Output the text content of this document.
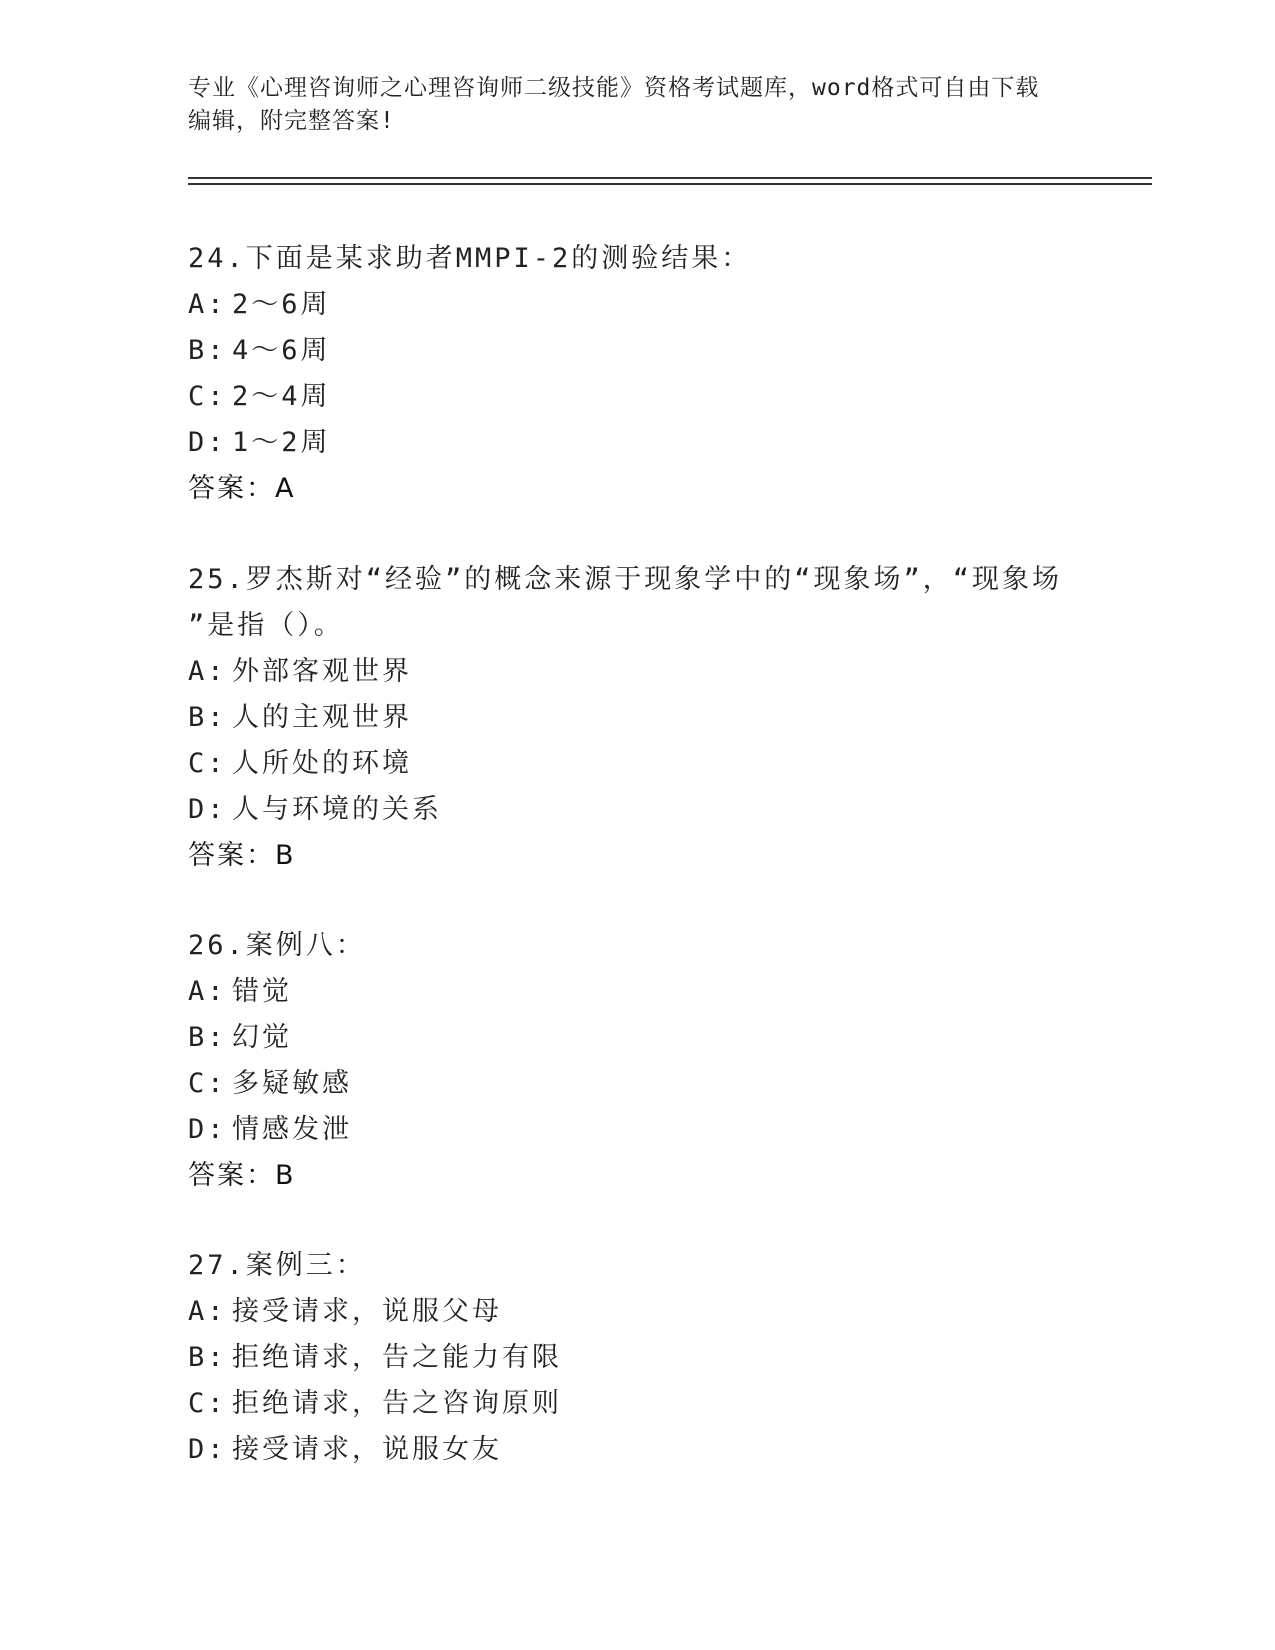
专业《心理咨询师之心理咨询师二级技能》资格考试题库，word格式可自由下载
编辑，附完整答案!
24.下面是某求助者MMPI-2的测验结果：
A: 2～6周
B: 4～6周
C: 2～4周
D: 1～2周
答案：A
25.罗杰斯对“经验”的概念来源于现象学中的“现象场”，“现象场
”是指（）。
A: 外部客观世界
B: 人的主观世界
C: 人所处的环境
D: 人与环境的关系
答案：B
26.案例八：
A: 错觉
B: 幻觉
C: 多疑敏感
D: 情感发泄
答案：B
27.案例三：
A: 接受请求，说服父母
B: 拒绝请求，告之能力有限
C: 拒绝请求，告之咨询原则
D: 接受请求，说服女友
